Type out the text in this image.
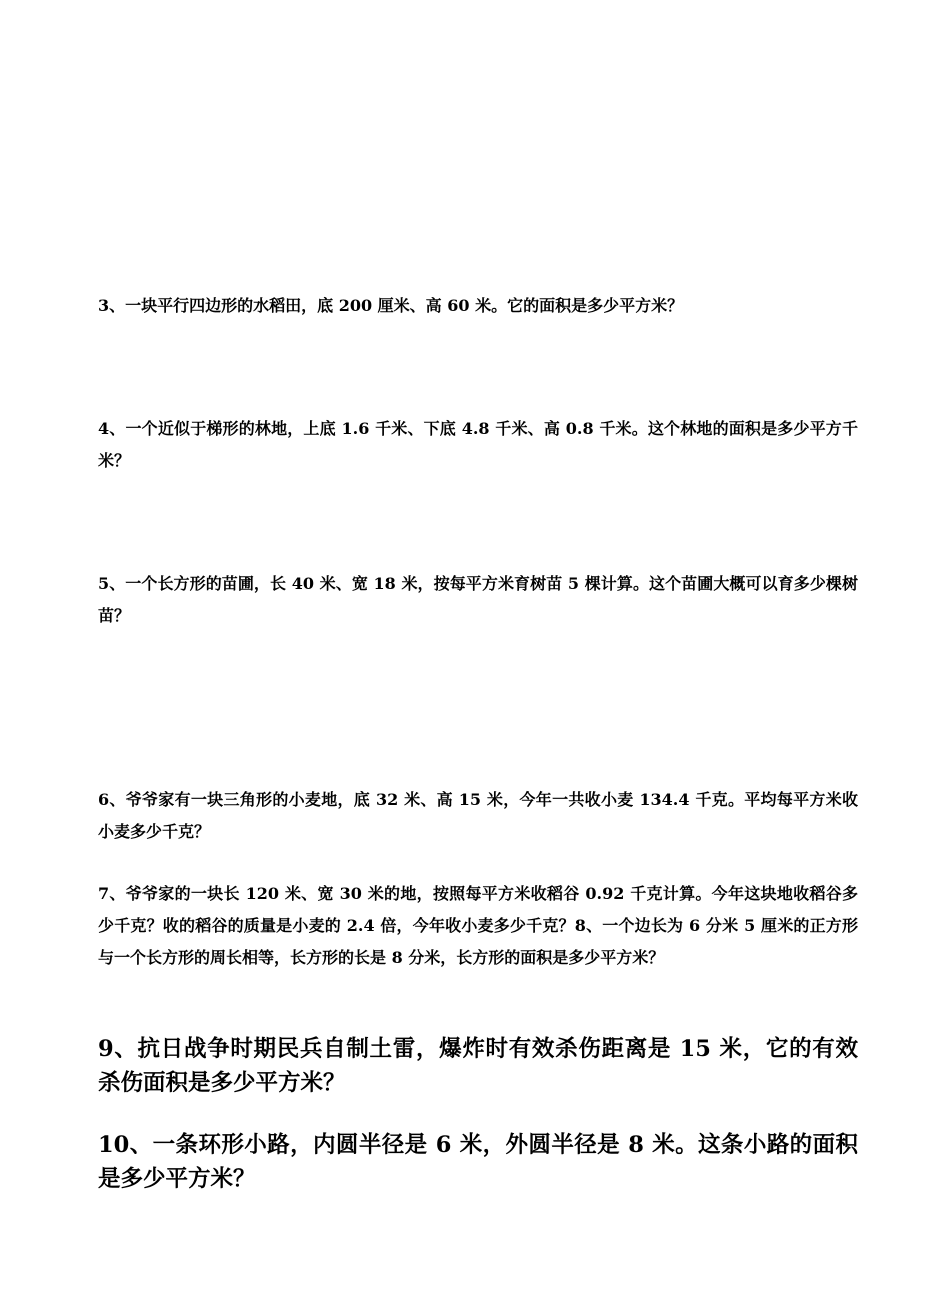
3、一块平行四边形的水稻田，底 200 厘米、高 60 米。它的面积是多少平方米？

4、一个近似于梯形的林地，上底 1.6 千米、下底 4.8 千米、高 0.8 千米。这个林地的面积是多少平方千米？

5、一个长方形的苗圃，长 40 米、宽 18 米，按每平方米育树苗 5 棵计算。这个苗圃大概可以育多少棵树苗？

6、爷爷家有一块三角形的小麦地，底 32 米、高 15 米，今年一共收小麦 134.4 千克。平均每平方米收小麦多少千克？

7、爷爷家的一块长 120 米、宽 30 米的地，按照每平方米收稻谷 0.92 千克计算。今年这块地收稻谷多少千克？收的稻谷的质量是小麦的 2.4 倍，今年收小麦多少千克？8、一个边长为 6 分米 5 厘米的正方形与一个长方形的周长相等，长方形的长是 8 分米，长方形的面积是多少平方米？

9、抗日战争时期民兵自制土雷，爆炸时有效杀伤距离是 15 米，它的有效杀伤面积是多少平方米？

10、一条环形小路，内圆半径是 6 米，外圆半径是 8 米。这条小路的面积是多少平方米？
